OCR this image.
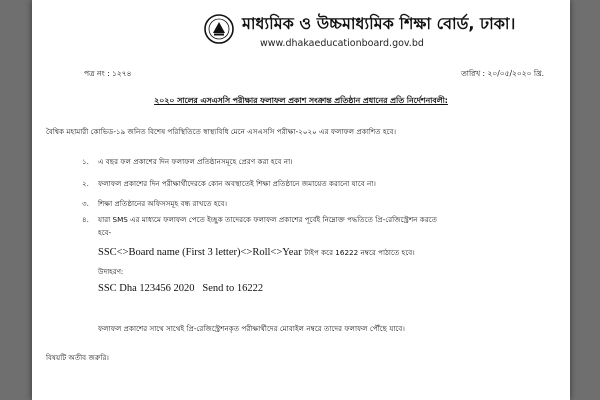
মাধ্যমিক ও উচ্চমাধ্যমিক শিক্ষা বোর্ড, ঢাকা।
www.dhakaeducationboard.gov.bd
পত্র নং : ১২৭৪	তারিখ : ২০/০৫/২০২০ খ্রি.
২০২০ সালের এসএসসি পরীক্ষার ফলাফল প্রকাশ সংক্রান্ত প্রতিষ্ঠান প্রধানের প্রতি নির্দেশনাবলী:
বৈশ্বিক মহামারী কোভিড-১৯ জনিত বিশেষ পরিস্থিতিতে স্বাস্থ্যবিধি মেনে এসএসসি পরীক্ষা-২০২০ এর ফলাফল প্রকাশিত হবে।
১. এ বছর ফল প্রকাশের দিন ফলাফল প্রতিষ্ঠানসমূহে প্রেরণ করা হবে না।
২. ফলাফল প্রকাশের দিন পরীক্ষার্থীদেরকে কোন অবস্থাতেই শিক্ষা প্রতিষ্ঠানে জমায়েত করানো যাবে না।
৩. শিক্ষা প্রতিষ্ঠানের অফিসসমূহ বন্ধ রাখতে হবে।
৪. যারা SMS এর মাধ্যমে ফলাফল পেতে ইচ্ছুক তাদেরকে ফলাফল প্রকাশের পূর্বেই নিম্নোক্ত পদ্ধতিতে প্রি-রেজিস্ট্রেশন করতে
হবে-
SSC<>Board name (First 3 letter)<>Roll<>Year টাইপ করে 16222 নম্বরে পাঠাতে হবে।
উদাহরণ:
SSC Dha 123456 2020   Send to 16222
ফলাফল প্রকাশের সাথে সাথেই প্রি-রেজিস্ট্রেশনকৃত পরীক্ষার্থীদের মোবাইল নম্বরে তাদের ফলাফল পৌঁছে যাবে।
বিষয়টি অতীব জরুরি।
